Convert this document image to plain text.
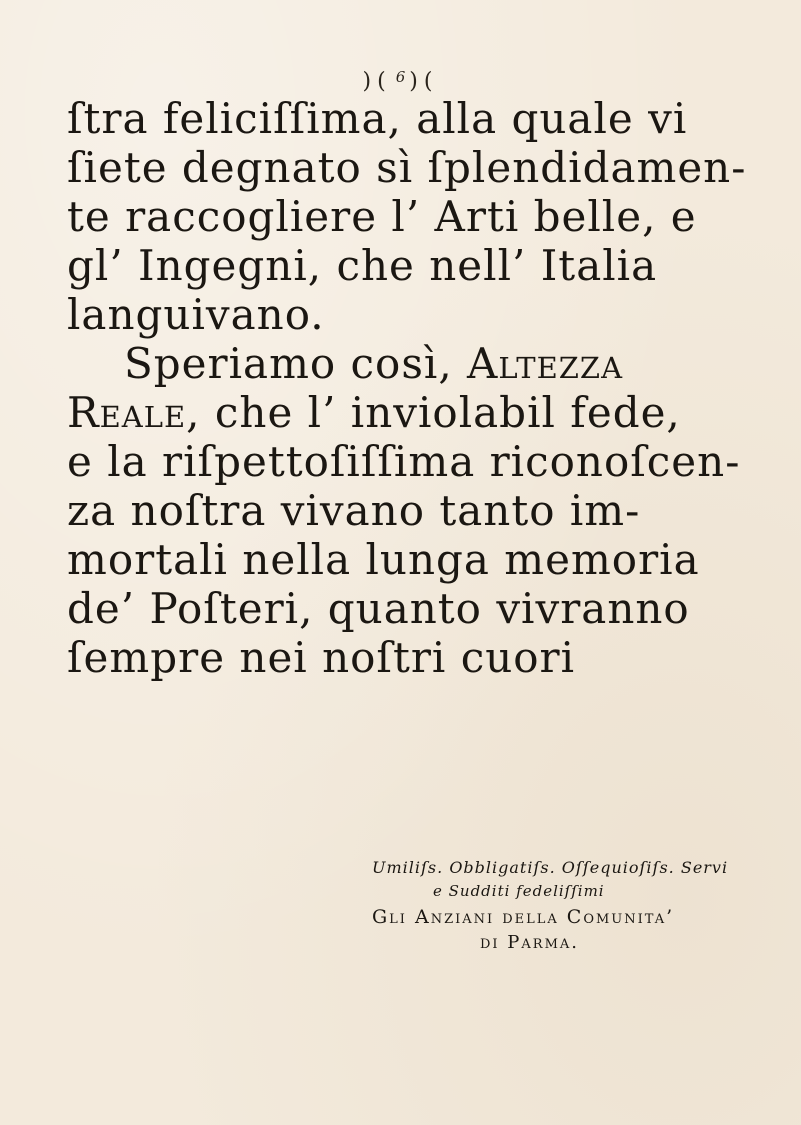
)( $^6$ )(
ſtra feliciſſima, alla quale vi
ſiete degnato sì ſplendidamen-
te raccogliere l’ Arti belle, e
gl’ Ingegni, che nell’ Italia
languivano.
Speriamo così, Altezza
Reale, che l’ inviolabil fede,
e la riſpettoſiſſima riconoſcen-
za noſtra vivano tanto im-
mortali nella lunga memoria
de’ Poſteri, quanto vivranno
ſempre nei noſtri cuori
Umiliſs. Obbligatiſs. Oſſequioſiſs. Servi
e Sudditi fedeliſſimi
Gli Anziani della Comunita’
di Parma.
